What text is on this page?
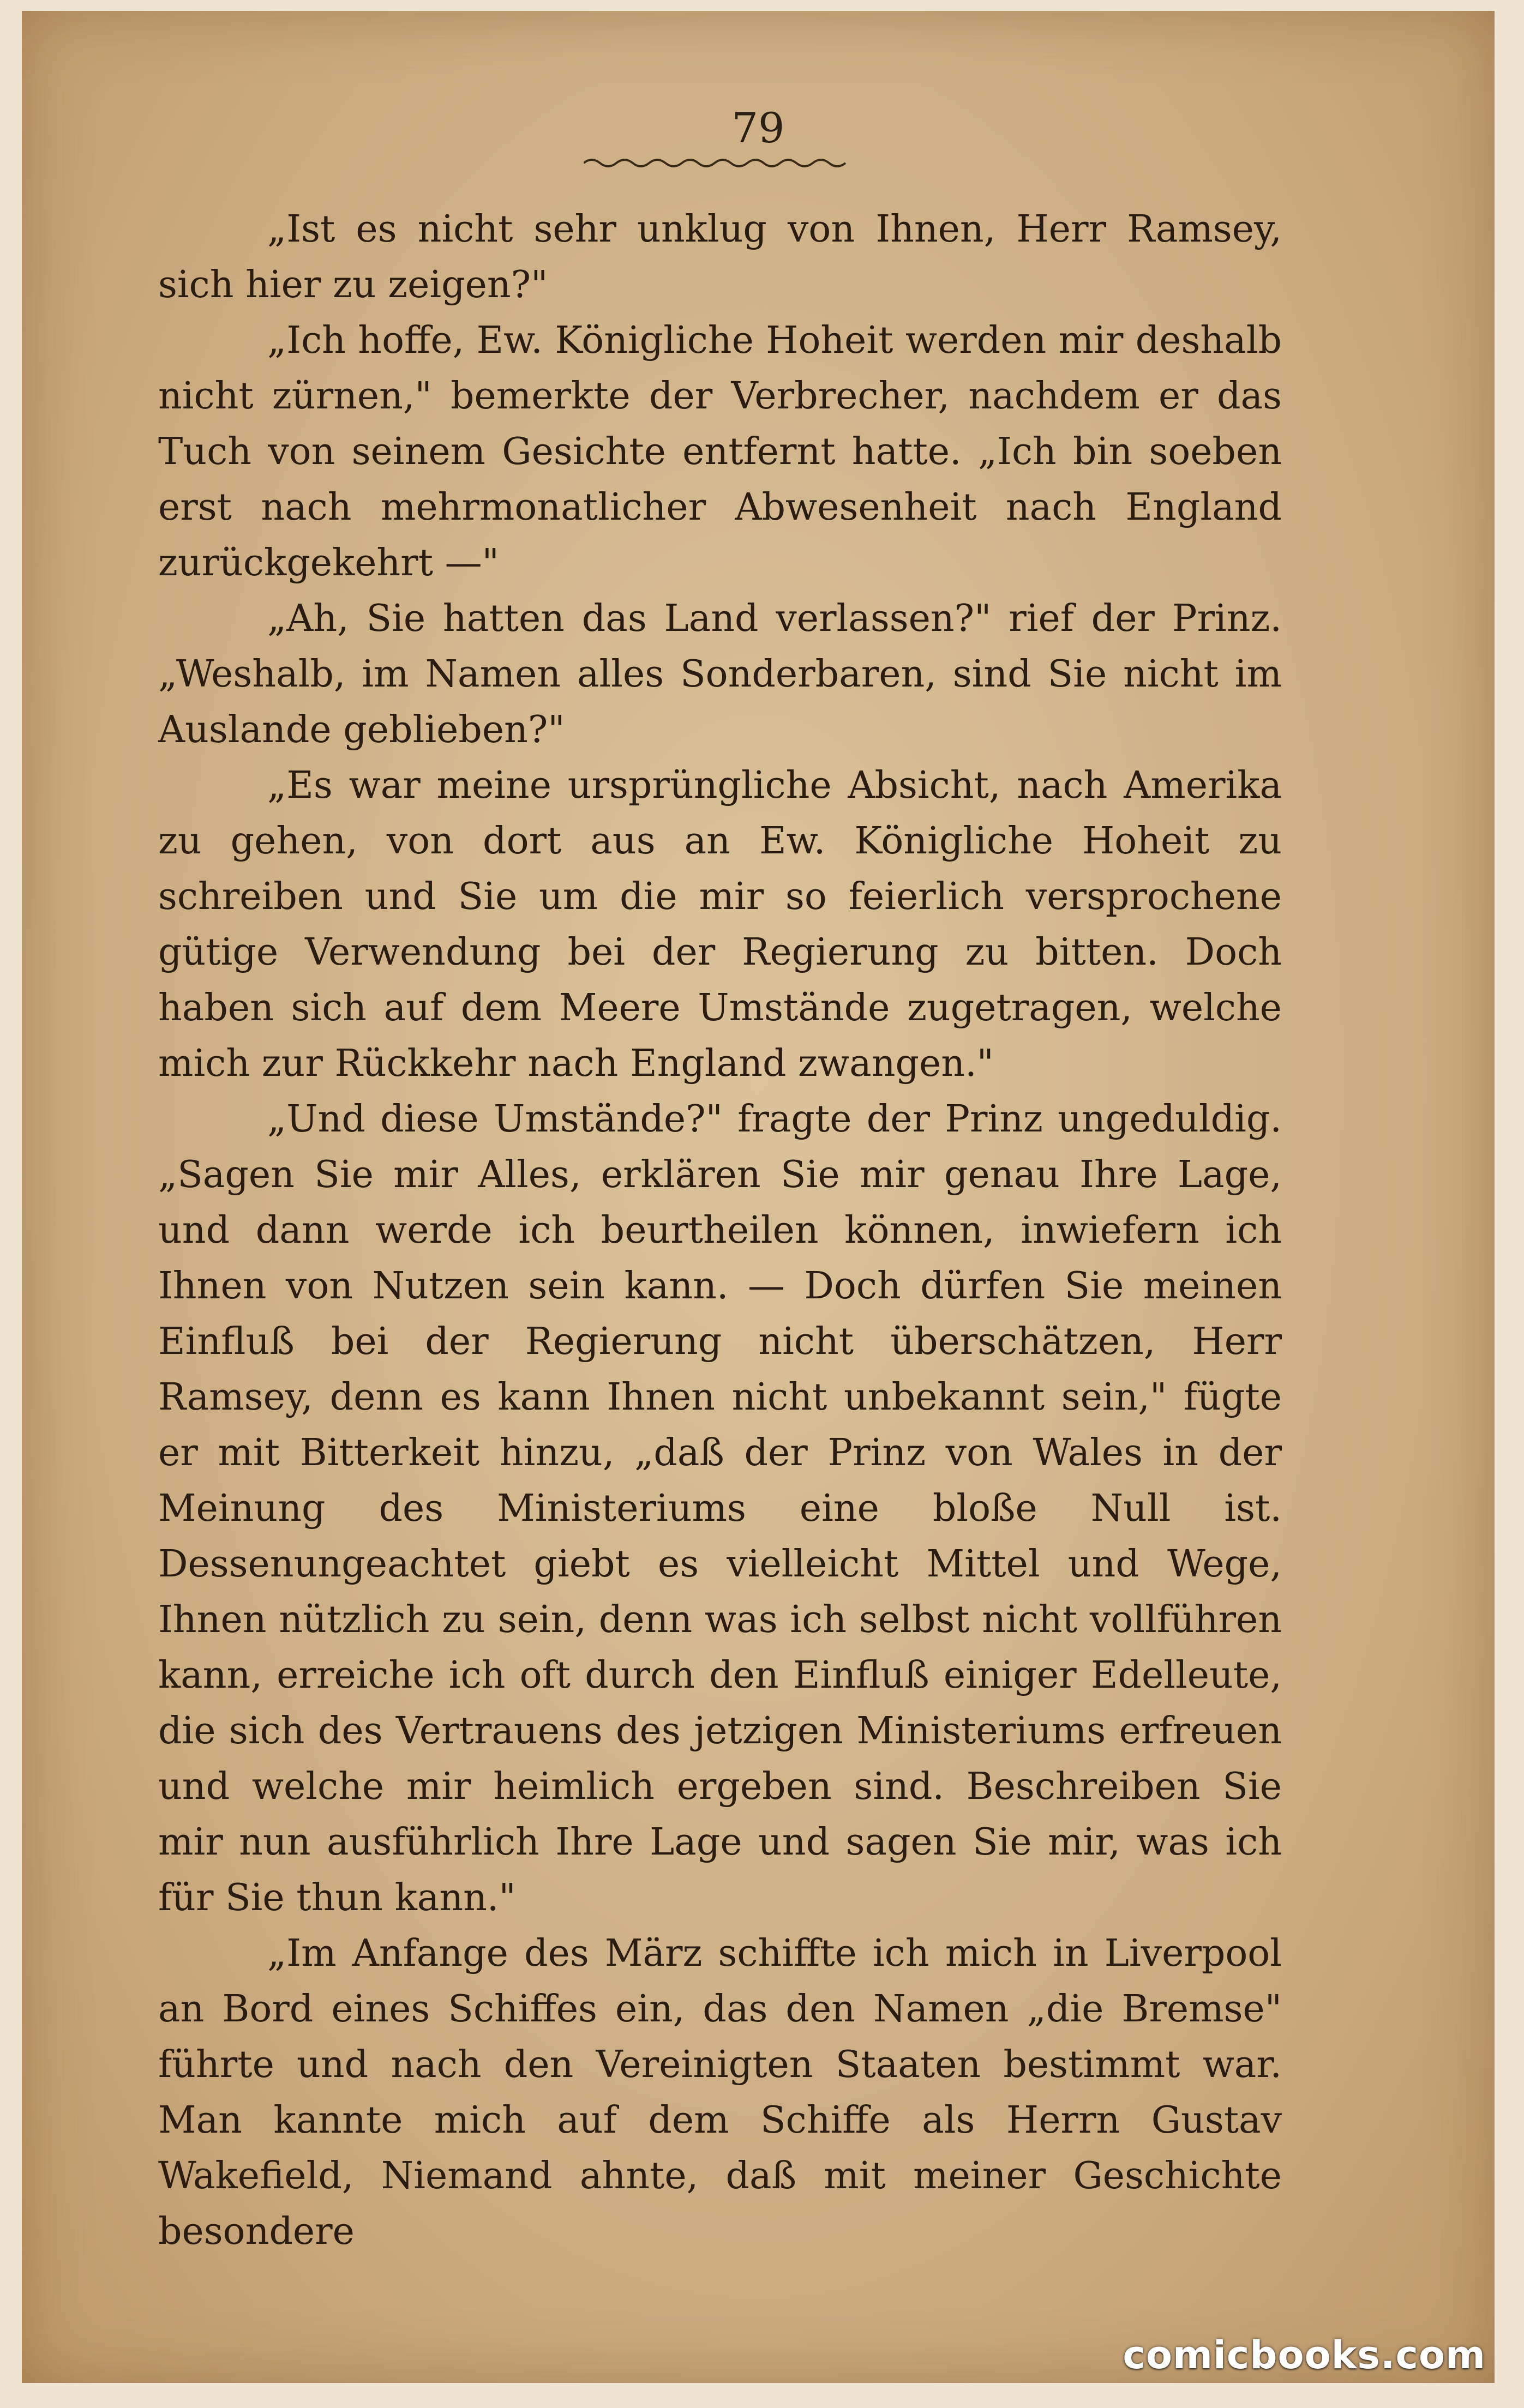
79

„Ist es nicht sehr unklug von Ihnen, Herr Ramsey, sich hier zu zeigen?"

„Ich hoffe, Ew. Königliche Hoheit werden mir deshalb nicht zürnen," bemerkte der Verbrecher, nachdem er das Tuch von seinem Gesichte entfernt hatte. „Ich bin soeben erst nach mehrmonatlicher Abwesenheit nach England zurückgekehrt —"

„Ah, Sie hatten das Land verlassen?" rief der Prinz. „Weshalb, im Namen alles Sonderbaren, sind Sie nicht im Auslande geblieben?"

„Es war meine ursprüngliche Absicht, nach Amerika zu gehen, von dort aus an Ew. Königliche Hoheit zu schreiben und Sie um die mir so feierlich versprochene gütige Verwendung bei der Regierung zu bitten. Doch haben sich auf dem Meere Umstände zugetragen, welche mich zur Rückkehr nach England zwangen."

„Und diese Umstände?" fragte der Prinz ungeduldig. „Sagen Sie mir Alles, erklären Sie mir genau Ihre Lage, und dann werde ich beurtheilen können, inwiefern ich Ihnen von Nutzen sein kann. — Doch dürfen Sie meinen Einfluß bei der Regierung nicht überschätzen, Herr Ramsey, denn es kann Ihnen nicht unbekannt sein," fügte er mit Bitterkeit hinzu, „daß der Prinz von Wales in der Meinung des Ministeriums eine bloße Null ist. Dessenungeachtet giebt es vielleicht Mittel und Wege, Ihnen nützlich zu sein, denn was ich selbst nicht vollführen kann, erreiche ich oft durch den Einfluß einiger Edelleute, die sich des Vertrauens des jetzigen Ministeriums erfreuen und welche mir heimlich ergeben sind. Beschreiben Sie mir nun ausführlich Ihre Lage und sagen Sie mir, was ich für Sie thun kann."

„Im Anfange des März schiffte ich mich in Liverpool an Bord eines Schiffes ein, das den Namen „die Bremse" führte und nach den Vereinigten Staaten bestimmt war. Man kannte mich auf dem Schiffe als Herrn Gustav Wakefield, Niemand ahnte, daß mit meiner Geschichte besondere

comicbooks.com
